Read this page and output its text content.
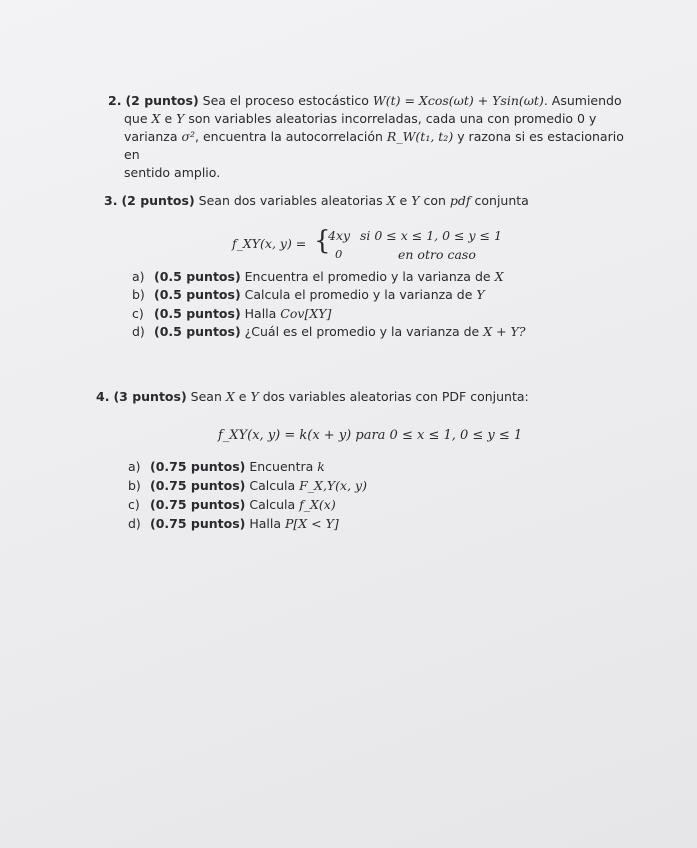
2. (2 puntos) Sea el proceso estocástico W(t) = Xcos(ωt) + Ysin(ωt). Asumiendo
que X e Y son variables aleatorias incorreladas, cada una con promedio 0 y
varianza σ², encuentra la autocorrelación R_W(t₁, t₂) y razona si es estacionario en
sentido amplio.
3. (2 puntos) Sean dos variables aleatorias X e Y con pdf conjunta
f_XY(x, y) = {
4xy si 0 ≤ x ≤ 1, 0 ≤ y ≤ 1
0	en otro caso
a) (0.5 puntos) Encuentra el promedio y la varianza de X
b) (0.5 puntos) Calcula el promedio y la varianza de Y
c) (0.5 puntos) Halla Cov[XY]
d) (0.5 puntos) ¿Cuál es el promedio y la varianza de X + Y?
4. (3 puntos) Sean X e Y dos variables aleatorias con PDF conjunta:
f_XY(x, y) = k(x + y) para 0 ≤ x ≤ 1, 0 ≤ y ≤ 1
a) (0.75 puntos) Encuentra k
b) (0.75 puntos) Calcula F_X,Y(x, y)
c) (0.75 puntos) Calcula f_X(x)
d) (0.75 puntos) Halla P[X < Y]
